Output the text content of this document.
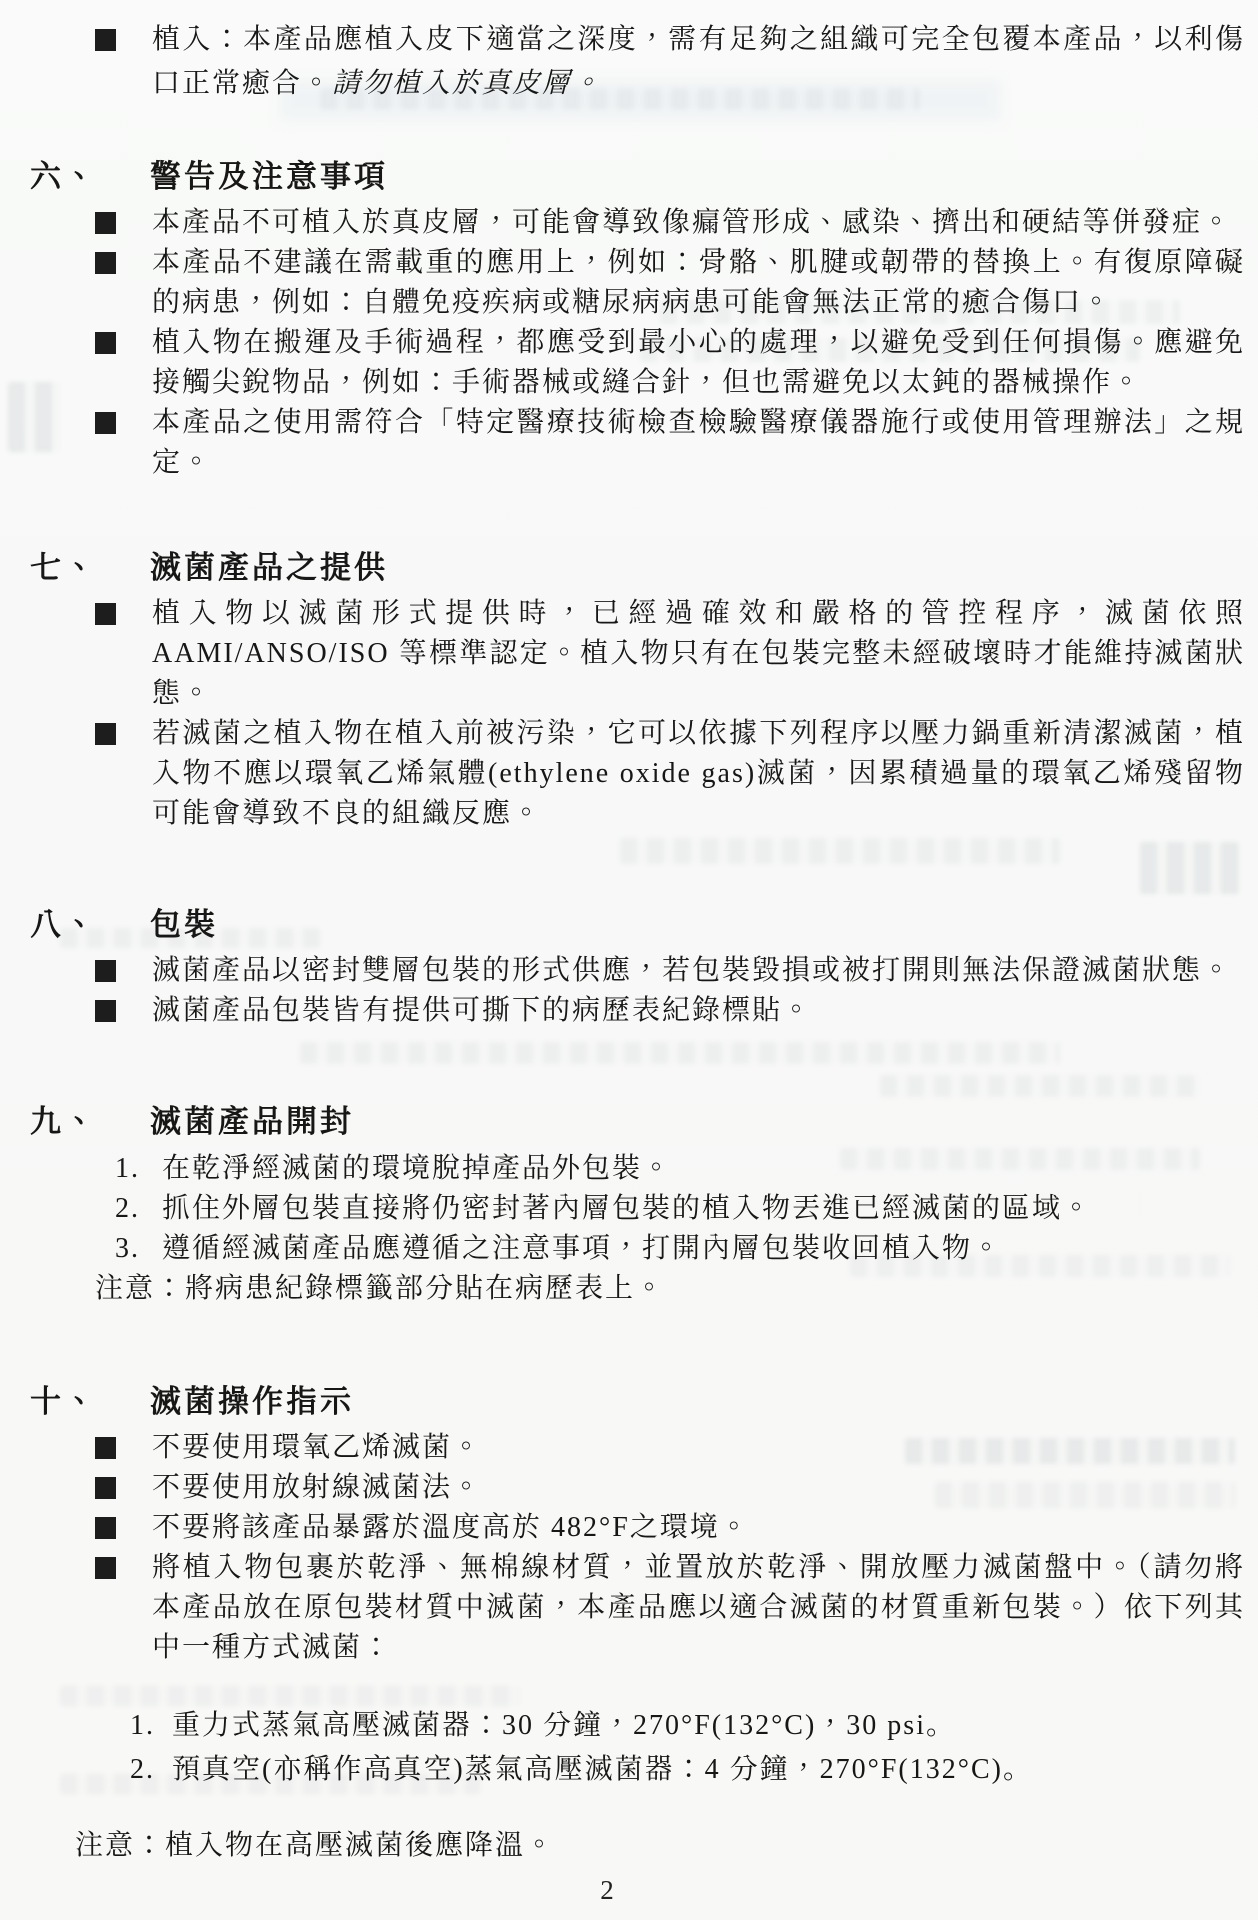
植入：本產品應植入皮下適當之深度，需有足夠之組織可完全包覆本產品，以利傷口正常癒合。請勿植入於真皮層。
六、	警告及注意事項
本產品不可植入於真皮層，可能會導致像瘺管形成、感染、擠出和硬結等併發症。
本產品不建議在需載重的應用上，例如：骨骼、肌腱或韌帶的替換上。有復原障礙的病患，例如：自體免疫疾病或糖尿病病患可能會無法正常的癒合傷口。
植入物在搬運及手術過程，都應受到最小心的處理，以避免受到任何損傷。應避免接觸尖銳物品，例如：手術器械或縫合針，但也需避免以太鈍的器械操作。
本產品之使用需符合「特定醫療技術檢查檢驗醫療儀器施行或使用管理辦法」之規定。
七、	滅菌產品之提供
植入物以滅菌形式提供時，已經過確效和嚴格的管控程序，滅菌依照 AAMI/ANSO/ISO 等標準認定。植入物只有在包裝完整未經破壞時才能維持滅菌狀態。
若滅菌之植入物在植入前被污染，它可以依據下列程序以壓力鍋重新清潔滅菌，植入物不應以環氧乙烯氣體(ethylene oxide gas)滅菌，因累積過量的環氧乙烯殘留物可能會導致不良的組織反應。
八、	包裝
滅菌產品以密封雙層包裝的形式供應，若包裝毀損或被打開則無法保證滅菌狀態。
滅菌產品包裝皆有提供可撕下的病歷表紀錄標貼。
九、	滅菌產品開封
1. 在乾淨經滅菌的環境脫掉產品外包裝。
2. 抓住外層包裝直接將仍密封著內層包裝的植入物丟進已經滅菌的區域。
3. 遵循經滅菌產品應遵循之注意事項，打開內層包裝收回植入物。
注意：將病患紀錄標籤部分貼在病歷表上。
十、	滅菌操作指示
不要使用環氧乙烯滅菌。
不要使用放射線滅菌法。
不要將該產品暴露於溫度高於 482°F之環境。
將植入物包裹於乾淨、無棉線材質，並置放於乾淨、開放壓力滅菌盤中。（請勿將本產品放在原包裝材質中滅菌，本產品應以適合滅菌的材質重新包裝。）依下列其中一種方式滅菌：
1. 重力式蒸氣高壓滅菌器：30 分鐘，270°F(132°C)，30 psi。
2. 預真空(亦稱作高真空)蒸氣高壓滅菌器：4 分鐘，270°F(132°C)。
注意：植入物在高壓滅菌後應降溫。
2
